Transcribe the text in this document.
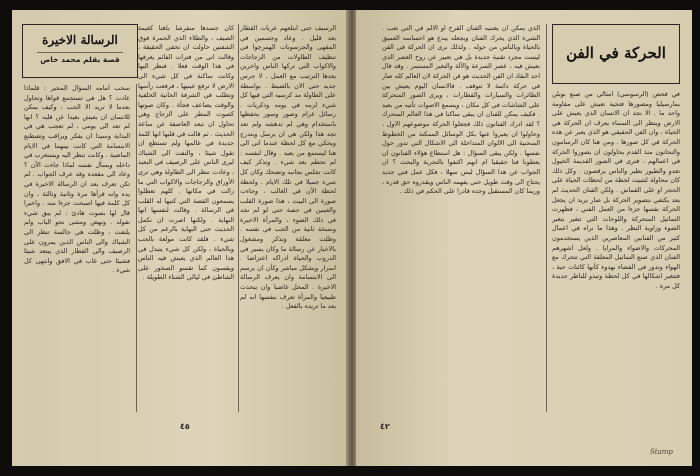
الرسالة الاخيرة
قصة بقلم محمد خاص

الرسيف حتى ابتلعهم عربات القطار بعد قليل . وعاد وجسمين في المقهى والجرسونات الهمرجوا في تنظيف الطاولات من الزجاجات والاكواب التي تركها الناس واخرين يعدها الترتيب مع العمل . لا جرس جديد حتى الان بالضبط . بواسطة على الطاولة مد كرسيه التي فيها كل شيء لزمه في يومه وذكريات . رسائل غرام وصور وسور يحفظها باستخدام وهي لم تدهشه ولم تعد تجد هذا ولكن هي ان يرسل وبتدرج ويحكي مع كل لحظة عندما اتى الى هنا ليستمع من بعيد . وقال لنفسه : لم تحطم بعد شيء . وتذكر كيف كانت تجلس بجانبه وتضحك وكان كل شيء جميلا في تلك الايام . ولحظة لحظة الآن في الغالب ، وجاءت صورة الى البيت ، هذا صورة القلب والعينين في حصة حتى لو لم نجد في ذلك الضوء ، والمرأة الاخيرة ونسخة ثانية من الحب في نفسه . وظلت معلقة وتذكر ومشغول بالاخبار عن رسالة ما وكان يسير في الدروب والحياة ادراكه اعتراضا . اسرار وبشكل مباشر وكأن ان يرسم الى الابتسامة وان يعرف الرسالة الاخيرة . المحل غاضبا وان يتحدث طبيعيا والمرأة تعرف بنفسها انه لم يعد ما تريده بالفعل .

كان جسدها منفرشا باهتا كغيمة الصيف ، والطلاء الذي الحمرة فوق الشفتين حاولت ان تخفي الحقيقة ، وقالت اني من فترات الفائم يعرفها في هذا الوقت فعلا . فنظر اليها وكانت ساكنة في كل شيء الى الارض لا ترفع عينيها ، فرفعت رأسها وتطلب في الشرفة الحانية الخلفية والوقت يضاعف فجأة . وكان صوتها كصوت المطر على الزجاج وهي تحاول ان تبعد العاصفة عن ساعة الحديث . ثم قالت في قلبها انها كلمة جديدة في عالمها ولم تستطع ان تقول شيئا ، والتفت الى الشباك ليرى الناس على الرصيف في البعيد ، وعادت تنظر الى الطاولة وهي ترى الأوراق والزجاجات والاكواب التي ما زالت في مكانها . كلهم تعطلوا يسمعون القصة التي كتبها له القلب في الرسالة . وقالت لنفسها انها النهاية . ولكنها اصرت ان تكمل الحديث حتى النهاية بالرغم من كل شيء . فلقد كانت مولعة بالحب وبالحياة ، ولكن كل شيء يتبدل في هذا العالم الذي يعيش فيه الناس ويقسون كما تقسو الصخور على الشاطئ في ليالي الشتاء الطويلة .

سحب امامه السؤال المحير : فلماذا عادت ؟ هل هي تستجمع قواها وتحاول بعدما لا تريد الا الحب ، وكيف يمكن للانسان ان يعيش بعيدا عن قلبه ؟ انها لم تعد الى يومي ، لم تعجب هي في البداية وسيدا ان يفكر ويراقب وتصطنع الابتسامة التي كانت بينهما في الايام الماضية . وكانت تنظر اليه ويستغرب في داخله ويسأل نفسه لماذا جاءت الآن ؟ وعاد الى مقعده وقد عرف الجواب . لم تكن تعرف بعد ان الرسالة الاخيرة في يده وانه قرأها مرة وثانية وثالثة ، وان كل كلمة فيها اصبحت جزءا منه . واخيرا قال لها بصوت هادئ : لم يبق شيء نقوله . ونهض ومشى نحو الباب ولم يلتفت ، وظلت هي جالسة تنظر الى الشباك والى الناس الذين يمرون على الرصيف والى القطار الذي يبتعد شيئا فشيئا حتى غاب في الافق وانتهى كل شيء .

٤٥
الحركة في الفن

في فحص (الرسوسي) امثالي من صنع نوبلن بمارسيليا ومصورها فتحية تعيش على مقاومة واحد ما . الا نجد ان الانسان الذي يعيش على الارض وينظر الى السماء يعرف ان الحركة هي الحياة ، وان الفن الحقيقي هو الذي يعبر عن هذه الحركة في كل صورها . ومن هنا كان الرسامون والنحاتون منذ القدم يحاولون ان يصوروا الحركة في اعمالهم ، فنرى في الصور القديمة الخيول تعدو والطيور تطير والناس يرقصون . وكل ذلك كان محاولة لتثبيت لحظة من لحظات الحياة على الحجر او على القماش . ولكن الفنان الحديث لم يعد يكتفي بتصوير الحركة بل صار يريد ان يجعل الحركة نفسها جزءا من العمل الفني ، فظهرت التماثيل المتحركة واللوحات التي تتغير بتغير الضوء وزاوية النظر . وهذا ما نراه في اعمال كثير من الفنانين المعاصرين الذين يستخدمون المحركات والاضواء والمرايا . ولعل اشهرهم الفنان الذي صنع التماثيل المعلقة التي تتحرك مع الهواء وتدور في الفضاء بهدوء كأنها كائنات حية ، فتتغير اشكالها في كل لحظة وتبدو للناظر جديدة كل مرة .

الذي يمكن ان يعتنيه الفنان القرح او الالم في التي تعب . الشيء الذي يحرك الفنان ويجعله يبدع هو احساسه العميق بالحياة وبالناس من حوله . ولذلك نرى ان الحركة في الفن ليست مجرد تقنية جديدة بل هي تعبير عن روح العصر الذي نعيش فيه ، عصر السرعة والآلة والتغير المستمر . وقد قال احد النقاد ان الفن الحديث هو فن الحركة لان العالم كله صار في حركة دائمة لا تتوقف . فالانسان اليوم يعيش بين الطائرات والسيارات والقطارات ، ويرى الصور المتحركة على الشاشات في كل مكان ، ويسمع الاصوات تأتيه من بعيد . فكيف يمكن للفنان ان يبقى ساكنا في هذا العالم المتحرك ؟ لقد ادرك الفنانون ذلك فجعلوا الحركة موضوعهم الاول ، وحاولوا ان يعبروا عنها بكل الوسائل الممكنة من الخطوط المنحنية الى الالوان المتداخلة الى الاشكال التي تدور حول نفسها . ولكن يبقى السؤال : هل استطاع هؤلاء الفنانون ان يعطونا فنا حقيقيا ام انهم اكتفوا بالتجربة والبحث ؟ ان الجواب عن هذا السؤال ليس سهلا ، فكل عمل فني جديد يحتاج الى وقت طويل حتى يفهمه الناس ويقدروه حق قدره ، وربما كان المستقبل وحده قادرا على الحكم في ذلك .

٤٢
Stamp
